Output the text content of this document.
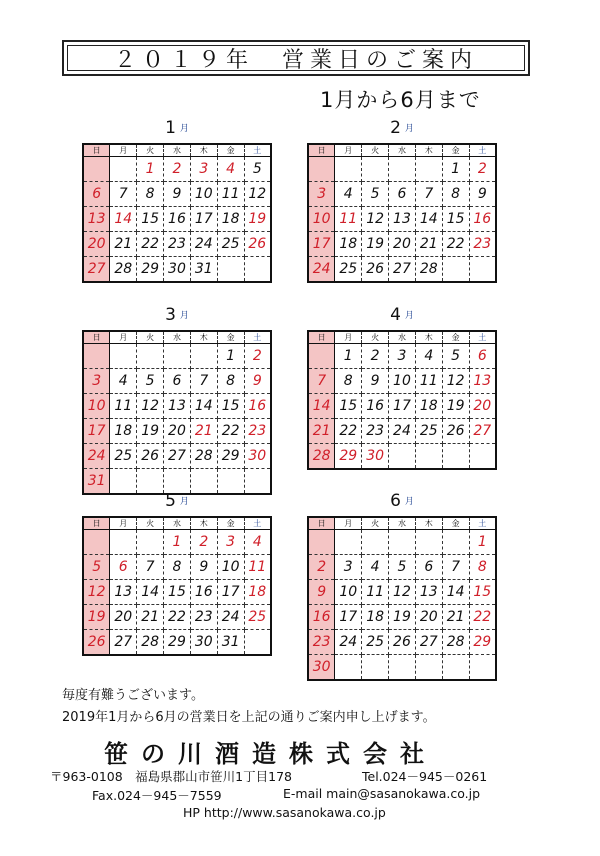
２０１９年　営業日のご案内
1月から6月まで
1 $^月$
日	月	火	水	木	金	土
		1	2	3	4	5
6	7	8	9	10	11	12
13	14	15	16	17	18	19
20	21	22	23	24	25	26
27	28	29	30	31		
2 $^月$
日	月	火	水	木	金	土
					1	2
3	4	5	6	7	8	9
10	11	12	13	14	15	16
17	18	19	20	21	22	23
24	25	26	27	28		
3 $^月$
日	月	火	水	木	金	土
					1	2
3	4	5	6	7	8	9
10	11	12	13	14	15	16
17	18	19	20	21	22	23
24	25	26	27	28	29	30
31						
4 $^月$
日	月	火	水	木	金	土
	1	2	3	4	5	6
7	8	9	10	11	12	13
14	15	16	17	18	19	20
21	22	23	24	25	26	27
28	29	30				
5 $^月$
日	月	火	水	木	金	土
			1	2	3	4
5	6	7	8	9	10	11
12	13	14	15	16	17	18
19	20	21	22	23	24	25
26	27	28	29	30	31	
6 $^月$
日	月	火	水	木	金	土
						1
2	3	4	5	6	7	8
9	10	11	12	13	14	15
16	17	18	19	20	21	22
23	24	25	26	27	28	29
30						
毎度有難うございます。
2019年1月から6月の営業日を上記の通りご案内申し上げます。
笹の川酒造株式会社
〒963-0108　福島県郡山市笹川1丁目178	Tel.024－945－0261
Fax.024－945－7559	E-mail main@sasanokawa.co.jp
HP http://www.sasanokawa.co.jp
